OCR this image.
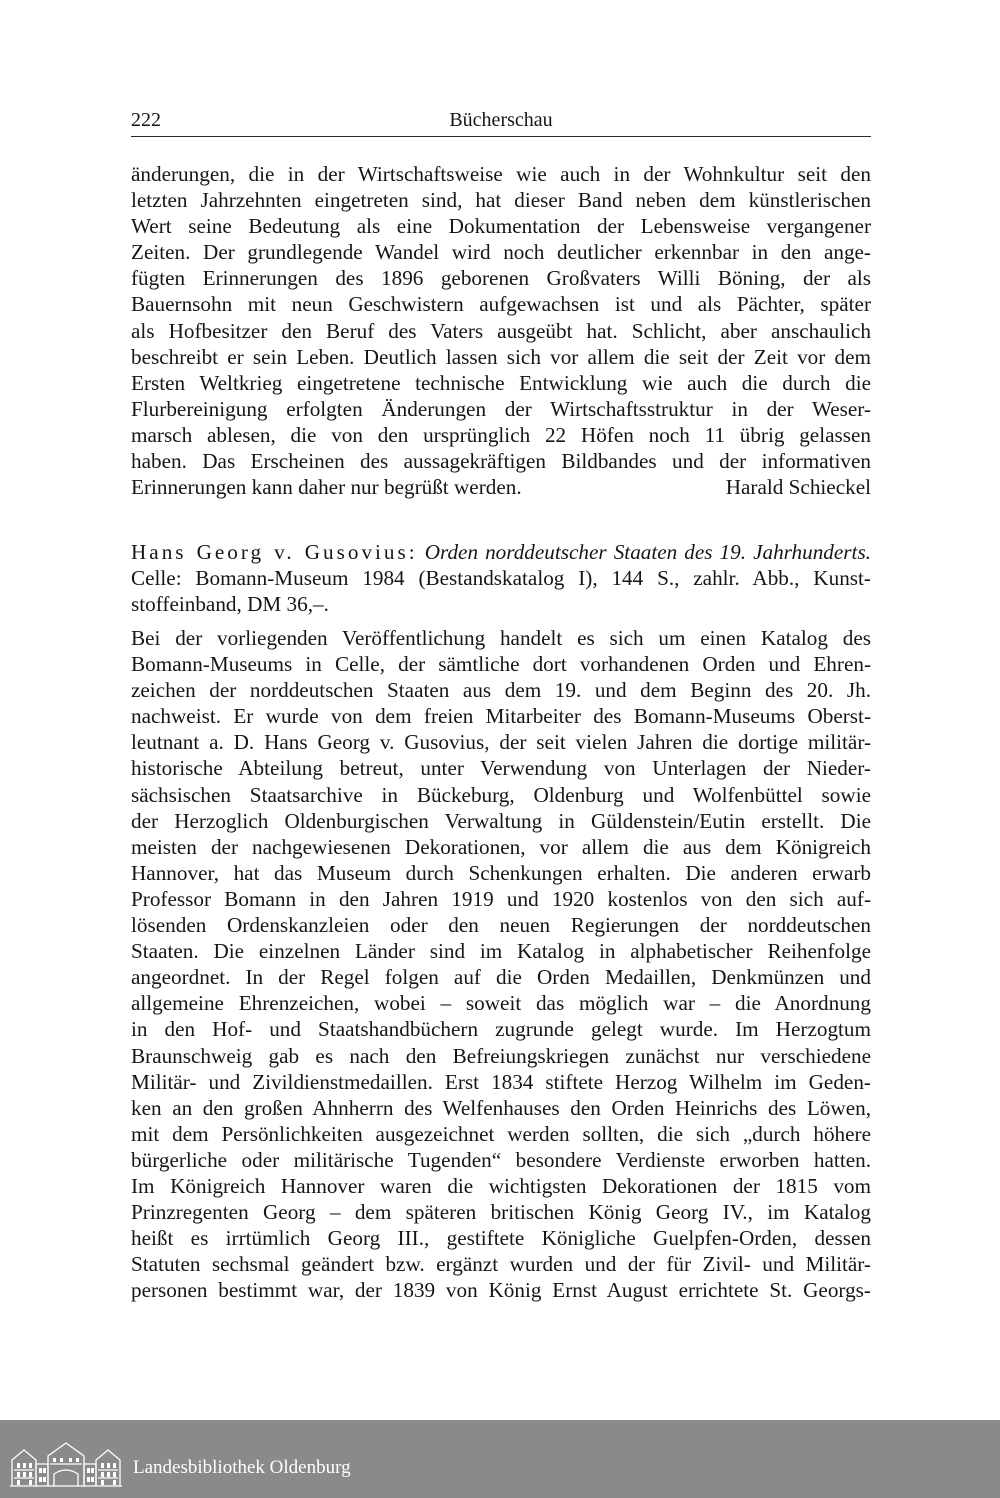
222	Bücherschau
änderungen, die in der Wirtschaftsweise wie auch in der Wohnkultur seit den
letzten Jahrzehnten eingetreten sind, hat dieser Band neben dem künstlerischen
Wert seine Bedeutung als eine Dokumentation der Lebensweise vergangener
Zeiten. Der grundlegende Wandel wird noch deutlicher erkennbar in den ange-
fügten Erinnerungen des 1896 geborenen Großvaters Willi Böning, der als
Bauernsohn mit neun Geschwistern aufgewachsen ist und als Pächter, später
als Hofbesitzer den Beruf des Vaters ausgeübt hat. Schlicht, aber anschaulich
beschreibt er sein Leben. Deutlich lassen sich vor allem die seit der Zeit vor dem
Ersten Weltkrieg eingetretene technische Entwicklung wie auch die durch die
Flurbereinigung erfolgten Änderungen der Wirtschaftsstruktur in der Weser-
marsch ablesen, die von den ursprünglich 22 Höfen noch 11 übrig gelassen
haben. Das Erscheinen des aussagekräftigen Bildbandes und der informativen
Erinnerungen kann daher nur begrüßt werden.	Harald Schieckel
Hans Georg v. Gusovius: Orden norddeutscher Staaten des 19. Jahrhunderts.
Celle: Bomann-Museum 1984 (Bestandskatalog I), 144 S., zahlr. Abb., Kunst-
stoffeinband, DM 36,–.
Bei der vorliegenden Veröffentlichung handelt es sich um einen Katalog des
Bomann-Museums in Celle, der sämtliche dort vorhandenen Orden und Ehren-
zeichen der norddeutschen Staaten aus dem 19. und dem Beginn des 20. Jh.
nachweist. Er wurde von dem freien Mitarbeiter des Bomann-Museums Oberst-
leutnant a. D. Hans Georg v. Gusovius, der seit vielen Jahren die dortige militär-
historische Abteilung betreut, unter Verwendung von Unterlagen der Nieder-
sächsischen Staatsarchive in Bückeburg, Oldenburg und Wolfenbüttel sowie
der Herzoglich Oldenburgischen Verwaltung in Güldenstein/Eutin erstellt. Die
meisten der nachgewiesenen Dekorationen, vor allem die aus dem Königreich
Hannover, hat das Museum durch Schenkungen erhalten. Die anderen erwarb
Professor Bomann in den Jahren 1919 und 1920 kostenlos von den sich auf-
lösenden Ordenskanzleien oder den neuen Regierungen der norddeutschen
Staaten. Die einzelnen Länder sind im Katalog in alphabetischer Reihenfolge
angeordnet. In der Regel folgen auf die Orden Medaillen, Denkmünzen und
allgemeine Ehrenzeichen, wobei – soweit das möglich war – die Anordnung
in den Hof- und Staatshandbüchern zugrunde gelegt wurde. Im Herzogtum
Braunschweig gab es nach den Befreiungskriegen zunächst nur verschiedene
Militär- und Zivildienstmedaillen. Erst 1834 stiftete Herzog Wilhelm im Geden-
ken an den großen Ahnherrn des Welfenhauses den Orden Heinrichs des Löwen,
mit dem Persönlichkeiten ausgezeichnet werden sollten, die sich „durch höhere
bürgerliche oder militärische Tugenden“ besondere Verdienste erworben hatten.
Im Königreich Hannover waren die wichtigsten Dekorationen der 1815 vom
Prinzregenten Georg – dem späteren britischen König Georg IV., im Katalog
heißt es irrtümlich Georg III., gestiftete Königliche Guelpfen-Orden, dessen
Statuten sechsmal geändert bzw. ergänzt wurden und der für Zivil- und Militär-
personen bestimmt war, der 1839 von König Ernst August errichtete St. Georgs-
Landesbibliothek Oldenburg
